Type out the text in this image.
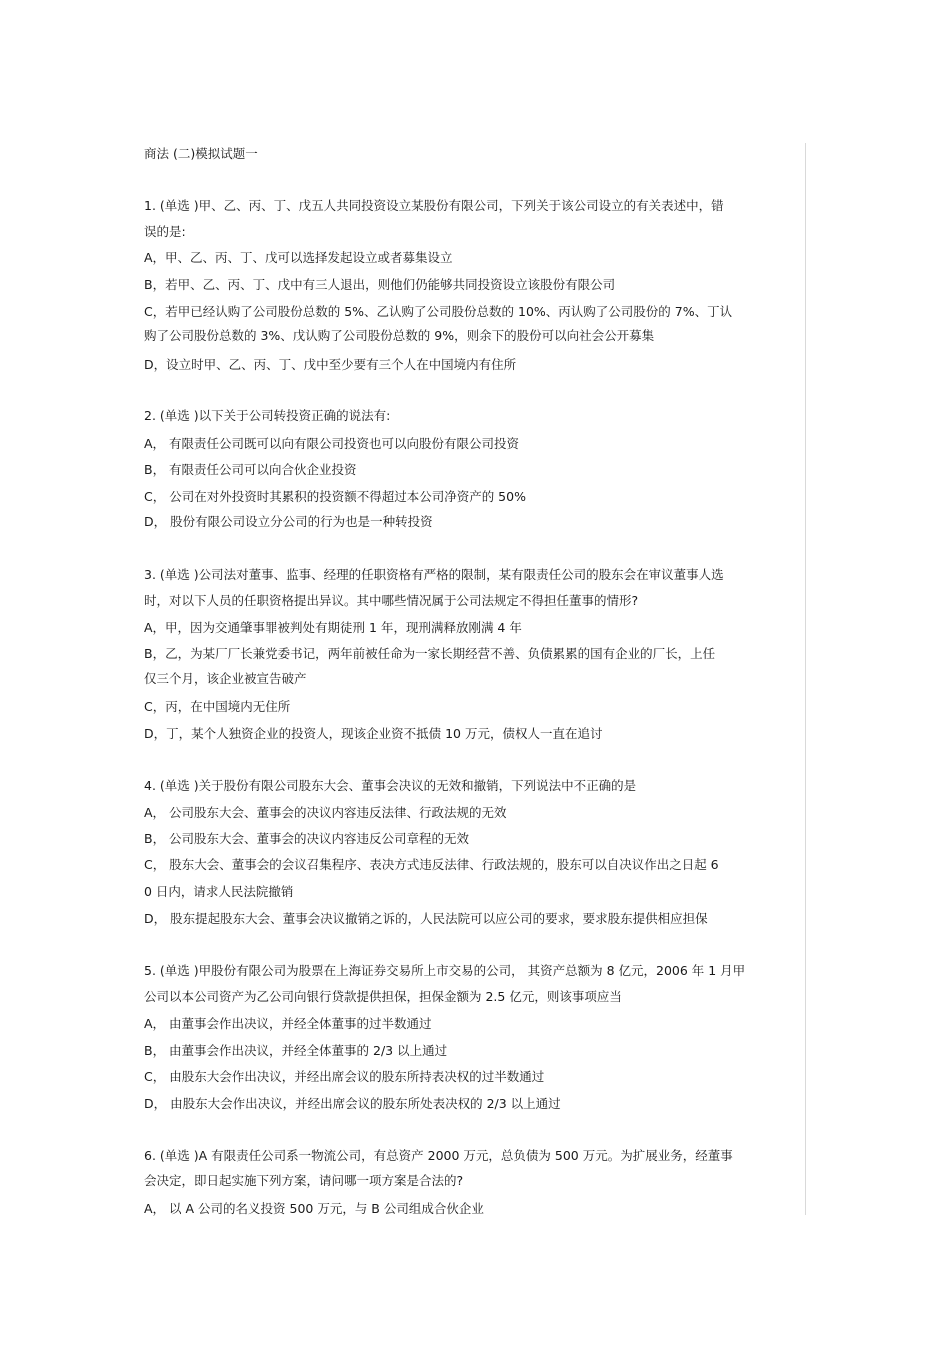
商法 (二)模拟试题一
1. (单选 )甲、乙、丙、丁、戊五人共同投资设立某股份有限公司，下列关于该公司设立的有关表述中，错
误的是:
A，甲、乙、丙、丁、戊可以选择发起设立或者募集设立
B，若甲、乙、丙、丁、戊中有三人退出，则他们仍能够共同投资设立该股份有限公司
C，若甲已经认购了公司股份总数的 5%、乙认购了公司股份总数的 10%、丙认购了公司股份的 7%、丁认
购了公司股份总数的 3%、戊认购了公司股份总数的 9%，则余下的股份可以向社会公开募集
D，设立时甲、乙、丙、丁、戊中至少要有三个人在中国境内有住所
2. (单选 )以下关于公司转投资正确的说法有:
A， 有限责任公司既可以向有限公司投资也可以向股份有限公司投资
B， 有限责任公司可以向合伙企业投资
C， 公司在对外投资时其累积的投资额不得超过本公司净资产的 50%
D， 股份有限公司设立分公司的行为也是一种转投资
3. (单选 )公司法对董事、监事、经理的任职资格有严格的限制，某有限责任公司的股东会在审议董事人选
时，对以下人员的任职资格提出异议。其中哪些情况属于公司法规定不得担任董事的情形?
A，甲，因为交通肇事罪被判处有期徒刑 1 年，现刑满释放刚满 4 年
B，乙，为某厂厂长兼党委书记，两年前被任命为一家长期经营不善、负债累累的国有企业的厂长，上任
仅三个月，该企业被宣告破产
C，丙，在中国境内无住所
D，丁，某个人独资企业的投资人，现该企业资不抵债 10 万元，债权人一直在追讨
4. (单选 )关于股份有限公司股东大会、董事会决议的无效和撤销，下列说法中不正确的是
A， 公司股东大会、董事会的决议内容违反法律、行政法规的无效
B， 公司股东大会、董事会的决议内容违反公司章程的无效
C， 股东大会、董事会的会议召集程序、表决方式违反法律、行政法规的，股东可以自决议作出之日起 6
0 日内，请求人民法院撤销
D， 股东提起股东大会、董事会决议撤销之诉的，人民法院可以应公司的要求，要求股东提供相应担保
5. (单选 )甲股份有限公司为股票在上海证券交易所上市交易的公司， 其资产总额为 8 亿元，2006 年 1 月甲
公司以本公司资产为乙公司向银行贷款提供担保，担保金额为 2.5 亿元，则该事项应当
A， 由董事会作出决议，并经全体董事的过半数通过
B， 由董事会作出决议，并经全体董事的 2/3 以上通过
C， 由股东大会作出决议，并经出席会议的股东所持表决权的过半数通过
D， 由股东大会作出决议，并经出席会议的股东所处表决权的 2/3 以上通过
6. (单选 )A 有限责任公司系一物流公司，有总资产 2000 万元，总负债为 500 万元。为扩展业务，经董事
会决定，即日起实施下列方案，请问哪一项方案是合法的?
A， 以 A 公司的名义投资 500 万元，与 B 公司组成合伙企业
